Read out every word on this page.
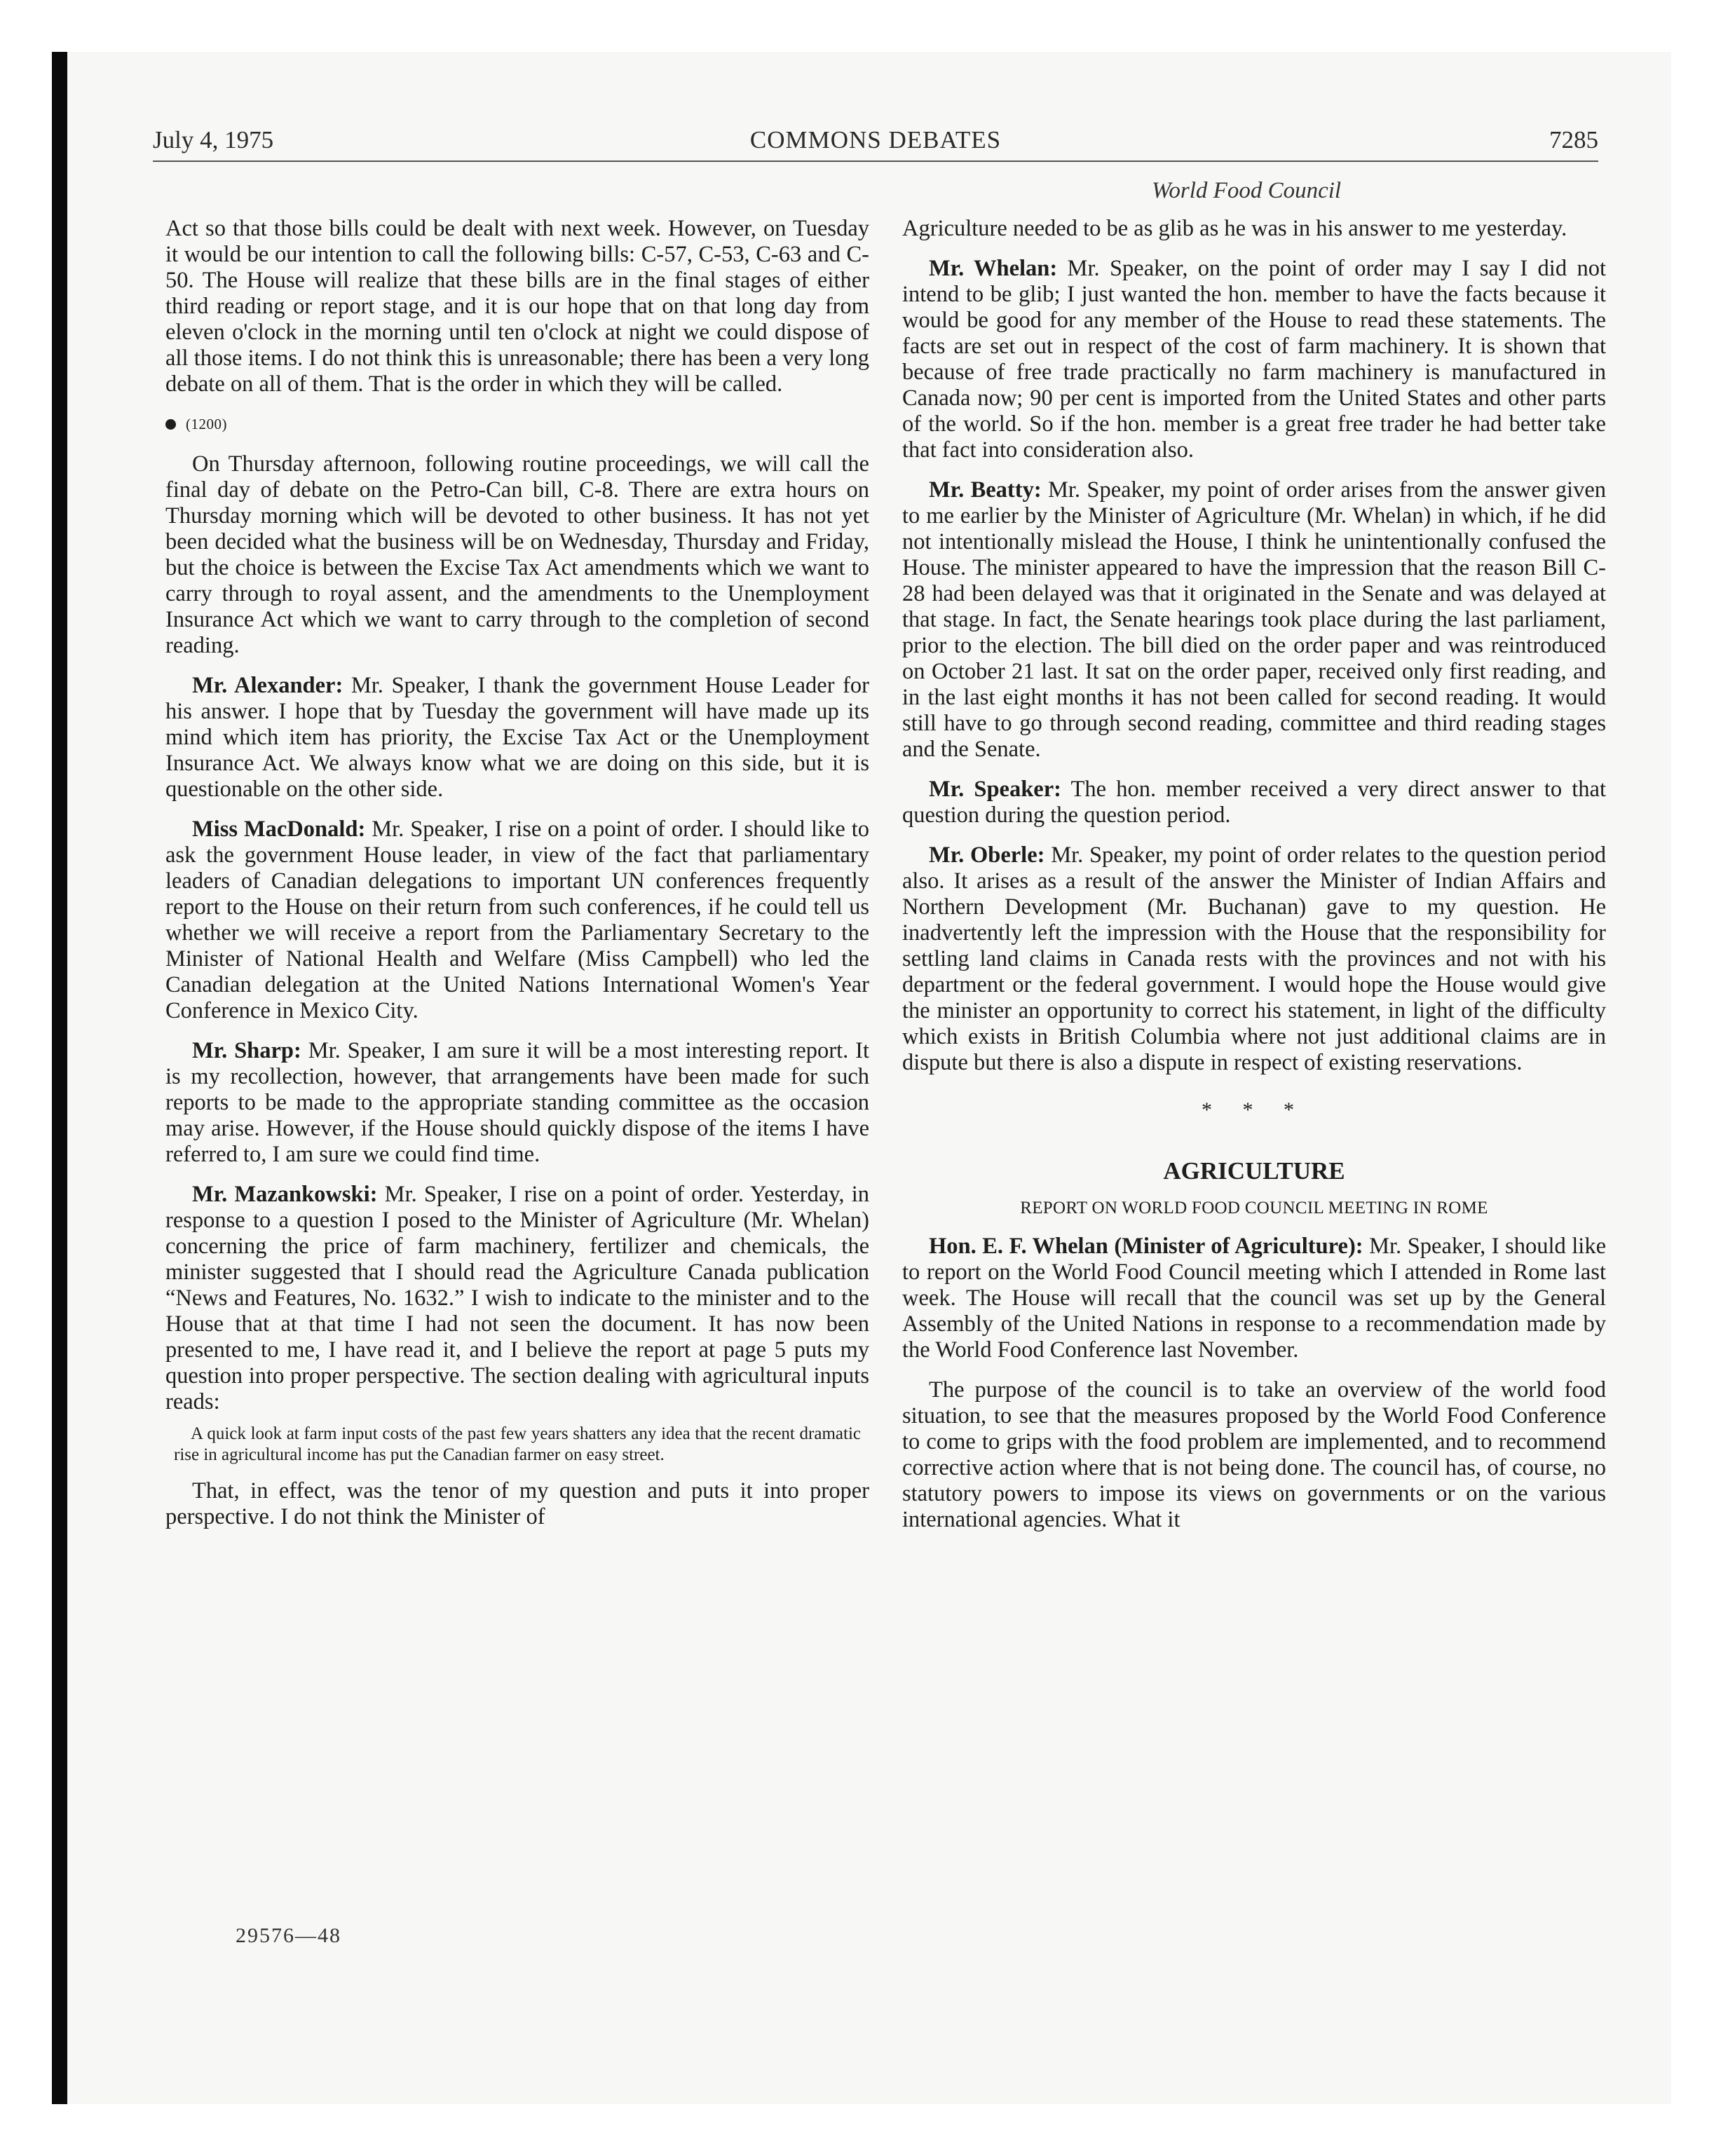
July 4, 1975	COMMONS DEBATES	7285
World Food Council

Act so that those bills could be dealt with next week. However, on Tuesday it would be our intention to call the following bills: C-57, C-53, C-63 and C-50. The House will realize that these bills are in the final stages of either third reading or report stage, and it is our hope that on that long day from eleven o'clock in the morning until ten o'clock at night we could dispose of all those items. I do not think this is unreasonable; there has been a very long debate on all of them. That is the order in which they will be called.

(1200)

On Thursday afternoon, following routine proceedings, we will call the final day of debate on the Petro-Can bill, C-8. There are extra hours on Thursday morning which will be devoted to other business. It has not yet been decided what the business will be on Wednesday, Thursday and Friday, but the choice is between the Excise Tax Act amendments which we want to carry through to royal assent, and the amendments to the Unemployment Insurance Act which we want to carry through to the completion of second reading.

Mr. Alexander: Mr. Speaker, I thank the government House Leader for his answer. I hope that by Tuesday the government will have made up its mind which item has priority, the Excise Tax Act or the Unemployment Insurance Act. We always know what we are doing on this side, but it is questionable on the other side.

Miss MacDonald: Mr. Speaker, I rise on a point of order. I should like to ask the government House leader, in view of the fact that parliamentary leaders of Canadian delegations to important UN conferences frequently report to the House on their return from such conferences, if he could tell us whether we will receive a report from the Parliamentary Secretary to the Minister of National Health and Welfare (Miss Campbell) who led the Canadian delegation at the United Nations International Women's Year Conference in Mexico City.

Mr. Sharp: Mr. Speaker, I am sure it will be a most interesting report. It is my recollection, however, that arrangements have been made for such reports to be made to the appropriate standing committee as the occasion may arise. However, if the House should quickly dispose of the items I have referred to, I am sure we could find time.

Mr. Mazankowski: Mr. Speaker, I rise on a point of order. Yesterday, in response to a question I posed to the Minister of Agriculture (Mr. Whelan) concerning the price of farm machinery, fertilizer and chemicals, the minister suggested that I should read the Agriculture Canada publication “News and Features, No. 1632.” I wish to indicate to the minister and to the House that at that time I had not seen the document. It has now been presented to me, I have read it, and I believe the report at page 5 puts my question into proper perspective. The section dealing with agricultural inputs reads:

A quick look at farm input costs of the past few years shatters any idea that the recent dramatic rise in agricultural income has put the Canadian farmer on easy street.

That, in effect, was the tenor of my question and puts it into proper perspective. I do not think the Minister of

Agriculture needed to be as glib as he was in his answer to me yesterday.

Mr. Whelan: Mr. Speaker, on the point of order may I say I did not intend to be glib; I just wanted the hon. member to have the facts because it would be good for any member of the House to read these statements. The facts are set out in respect of the cost of farm machinery. It is shown that because of free trade practically no farm machinery is manufactured in Canada now; 90 per cent is imported from the United States and other parts of the world. So if the hon. member is a great free trader he had better take that fact into consideration also.

Mr. Beatty: Mr. Speaker, my point of order arises from the answer given to me earlier by the Minister of Agriculture (Mr. Whelan) in which, if he did not intentionally mislead the House, I think he unintentionally confused the House. The minister appeared to have the impression that the reason Bill C-28 had been delayed was that it originated in the Senate and was delayed at that stage. In fact, the Senate hearings took place during the last parliament, prior to the election. The bill died on the order paper and was reintroduced on October 21 last. It sat on the order paper, received only first reading, and in the last eight months it has not been called for second reading. It would still have to go through second reading, committee and third reading stages and the Senate.

Mr. Speaker: The hon. member received a very direct answer to that question during the question period.

Mr. Oberle: Mr. Speaker, my point of order relates to the question period also. It arises as a result of the answer the Minister of Indian Affairs and Northern Development (Mr. Buchanan) gave to my question. He inadvertently left the impression with the House that the responsibility for settling land claims in Canada rests with the provinces and not with his department or the federal government. I would hope the House would give the minister an opportunity to correct his statement, in light of the difficulty which exists in British Columbia where not just additional claims are in dispute but there is also a dispute in respect of existing reservations.

* * *
AGRICULTURE
REPORT ON WORLD FOOD COUNCIL MEETING IN ROME

Hon. E. F. Whelan (Minister of Agriculture): Mr. Speaker, I should like to report on the World Food Council meeting which I attended in Rome last week. The House will recall that the council was set up by the General Assembly of the United Nations in response to a recommendation made by the World Food Conference last November.

The purpose of the council is to take an overview of the world food situation, to see that the measures proposed by the World Food Conference to come to grips with the food problem are implemented, and to recommend corrective action where that is not being done. The council has, of course, no statutory powers to impose its views on governments or on the various international agencies. What it

29576—48
